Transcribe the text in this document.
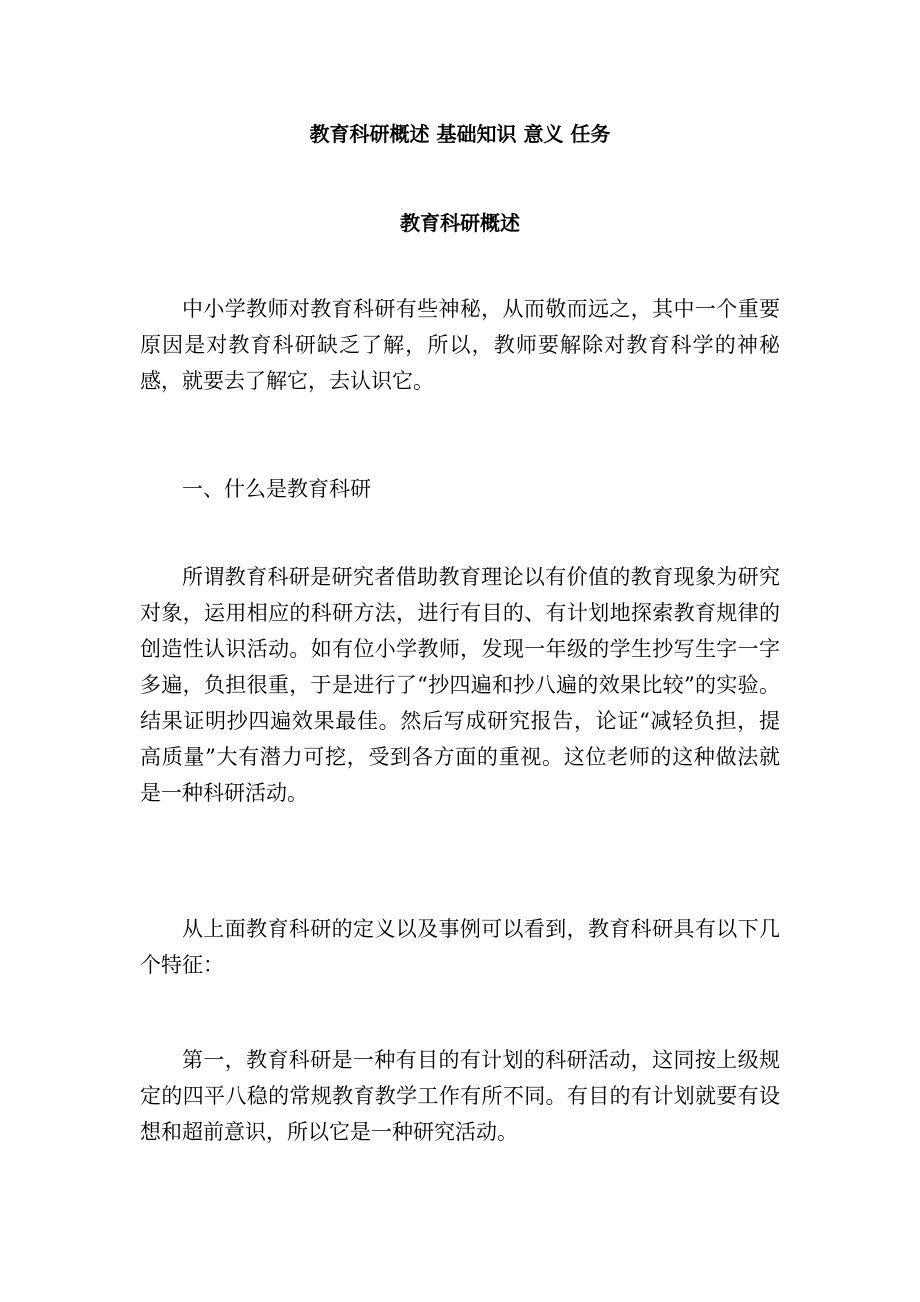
教育科研概述 基础知识 意义 任务
教育科研概述

中小学教师对教育科研有些神秘，从而敬而远之，其中一个重要原因是对教育科研缺乏了解，所以，教师要解除对教育科学的神秘感，就要去了解它，去认识它。

一、什么是教育科研

所谓教育科研是研究者借助教育理论以有价值的教育现象为研究对象，运用相应的科研方法，进行有目的、有计划地探索教育规律的创造性认识活动。如有位小学教师，发现一年级的学生抄写生字一字多遍，负担很重，于是进行了“抄四遍和抄八遍的效果比较”的实验。结果证明抄四遍效果最佳。然后写成研究报告，论证“减轻负担，提高质量”大有潜力可挖，受到各方面的重视。这位老师的这种做法就是一种科研活动。

从上面教育科研的定义以及事例可以看到，教育科研具有以下几个特征：

第一，教育科研是一种有目的有计划的科研活动，这同按上级规定的四平八稳的常规教育教学工作有所不同。有目的有计划就要有设想和超前意识，所以它是一种研究活动。
